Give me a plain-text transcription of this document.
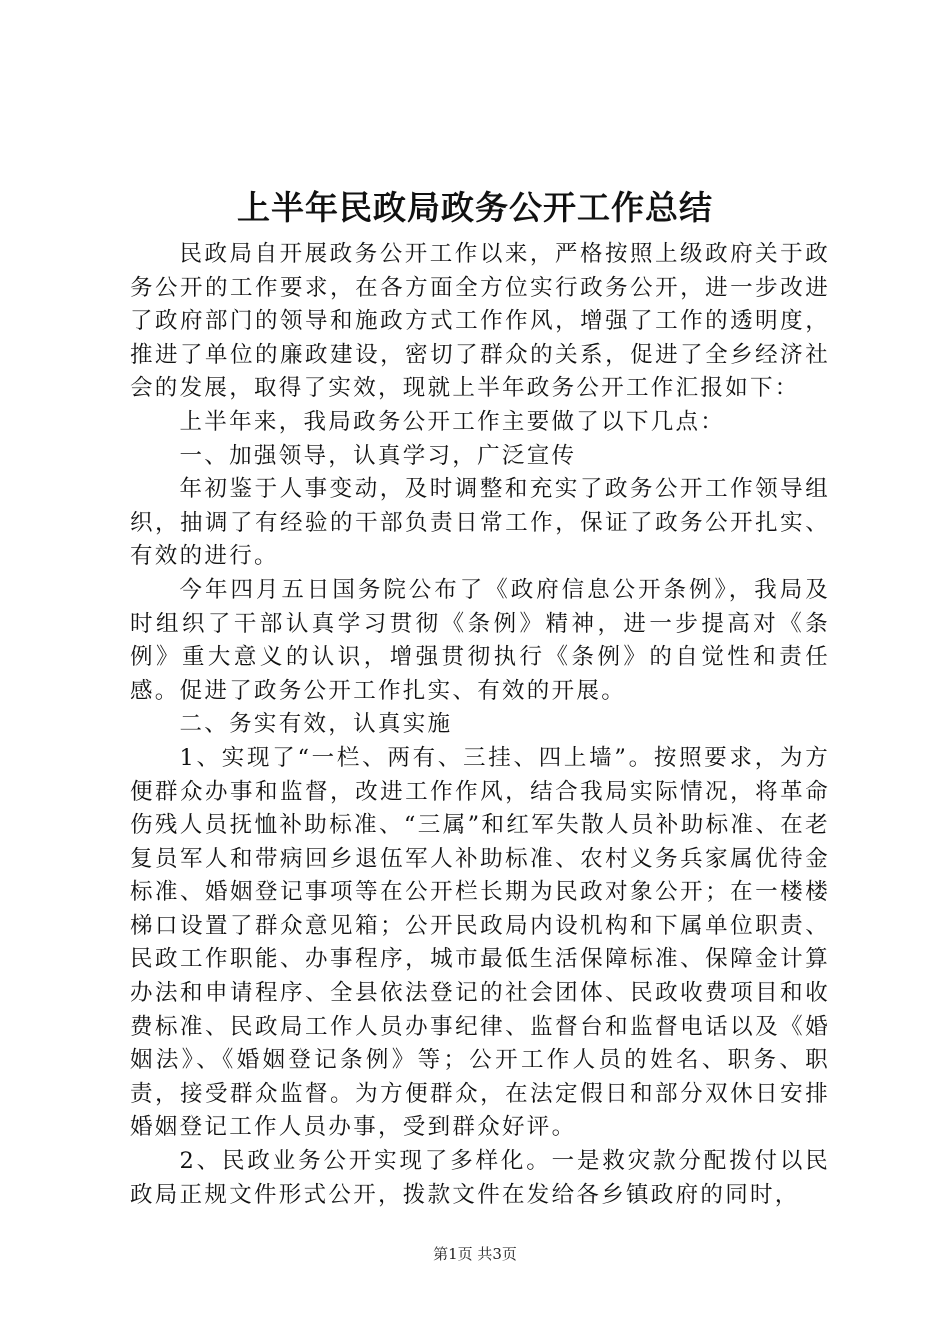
上半年民政局政务公开工作总结

民政局自开展政务公开工作以来，严格按照上级政府关于政务公开的工作要求，在各方面全方位实行政务公开，进一步改进了政府部门的领导和施政方式工作作风，增强了工作的透明度，推进了单位的廉政建设，密切了群众的关系，促进了全乡经济社会的发展，取得了实效，现就上半年政务公开工作汇报如下：

上半年来，我局政务公开工作主要做了以下几点：

一、加强领导，认真学习，广泛宣传

年初鉴于人事变动，及时调整和充实了政务公开工作领导组织，抽调了有经验的干部负责日常工作，保证了政务公开扎实、有效的进行。

今年四月五日国务院公布了《政府信息公开条例》，我局及时组织了干部认真学习贯彻《条例》精神，进一步提高对《条例》重大意义的认识，增强贯彻执行《条例》的自觉性和责任感。促进了政务公开工作扎实、有效的开展。

二、务实有效，认真实施

1、实现了“一栏、两有、三挂、四上墙”。按照要求，为方便群众办事和监督，改进工作作风，结合我局实际情况，将革命伤残人员抚恤补助标准、“三属”和红军失散人员补助标准、在老复员军人和带病回乡退伍军人补助标准、农村义务兵家属优待金标准、婚姻登记事项等在公开栏长期为民政对象公开；在一楼楼梯口设置了群众意见箱；公开民政局内设机构和下属单位职责、民政工作职能、办事程序，城市最低生活保障标准、保障金计算办法和申请程序、全县依法登记的社会团体、民政收费项目和收费标准、民政局工作人员办事纪律、监督台和监督电话以及《婚姻法》、《婚姻登记条例》等；公开工作人员的姓名、职务、职责，接受群众监督。为方便群众，在法定假日和部分双休日安排婚姻登记工作人员办事，受到群众好评。

2、民政业务公开实现了多样化。一是救灾款分配拨付以民政局正规文件形式公开，拨款文件在发给各乡镇政府的同时，

第1页 共3页
